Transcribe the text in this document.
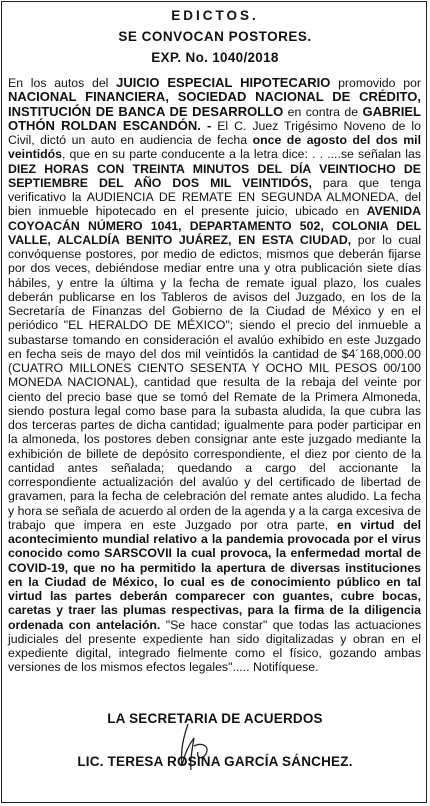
EDICTOS.
SE CONVOCAN POSTORES.
EXP. No. 1040/2018

En los autos del JUICIO ESPECIAL HIPOTECARIO promovido por NACIONAL FINANCIERA, SOCIEDAD NACIONAL DE CRÉDITO, INSTITUCIÓN DE BANCA DE DESARROLLO en contra de GABRIEL OTHÓN ROLDAN ESCANDÓN. - El C. Juez Trigésimo Noveno de lo Civil, dictó un auto en audiencia de fecha once de agosto del dos mil veintidós, que en su parte conducente a la letra dice: . . ....se señalan las DIEZ HORAS CON TREINTA MINUTOS DEL DÍA VEINTIOCHO DE SEPTIEMBRE DEL AÑO DOS MIL VEINTIDÓS, para que tenga verificativo la AUDIENCIA DE REMATE EN SEGUNDA ALMONEDA, del bien inmueble hipotecado en el presente juicio, ubicado en AVENIDA COYOACÁN NÚMERO 1041, DEPARTAMENTO 502, COLONIA DEL VALLE, ALCALDÍA BENITO JUÁREZ, EN ESTA CIUDAD, por lo cual convóquense postores, por medio de edictos, mismos que deberán fijarse por dos veces, debiéndose mediar entre una y otra publicación siete días hábiles, y entre la última y la fecha de remate igual plazo, los cuales deberán publicarse en los Tableros de avisos del Juzgado, en los de la Secretaría de Finanzas del Gobierno de la Ciudad de México y en el periódico "EL HERALDO DE MÉXICO"; siendo el precio del inmueble a subastarse tomando en consideración el avalúo exhibido en este Juzgado en fecha seis de mayo del dos mil veintidós la cantidad de $4´168,000.00 (CUATRO MILLONES CIENTO SESENTA Y OCHO MIL PESOS 00/100 MONEDA NACIONAL), cantidad que resulta de la rebaja del veinte por ciento del precio base que se tomó del Remate de la Primera Almoneda, siendo postura legal como base para la subasta aludida, la que cubra las dos terceras partes de dicha cantidad; igualmente para poder participar en la almoneda, los postores deben consignar ante este juzgado mediante la exhibición de billete de depósito correspondiente, el diez por ciento de la cantidad antes señalada; quedando a cargo del accionante la correspondiente actualización del avalúo y del certificado de libertad de gravamen, para la fecha de celebración del remate antes aludido. La fecha y hora se señala de acuerdo al orden de la agenda y a la carga excesiva de trabajo que impera en este Juzgado por otra parte, en virtud del acontecimiento mundial relativo a la pandemia provocada por el virus conocido como SARSCOVII la cual provoca, la enfermedad mortal de COVID-19, que no ha permitido la apertura de diversas instituciones en la Ciudad de México, lo cual es de conocimiento público en tal virtud las partes deberán comparecer con guantes, cubre bocas, caretas y traer las plumas respectivas, para la firma de la diligencia ordenada con antelación. "Se hace constar" que todas las actuaciones judiciales del presente expediente han sido digitalizadas y obran en el expediente digital, integrado fielmente como el físico, gozando ambas versiones de los mismos efectos legales"..... Notifíquese.

LA SECRETARIA DE ACUERDOS
LIC. TERESA ROSINA GARCÍA SÁNCHEZ.
